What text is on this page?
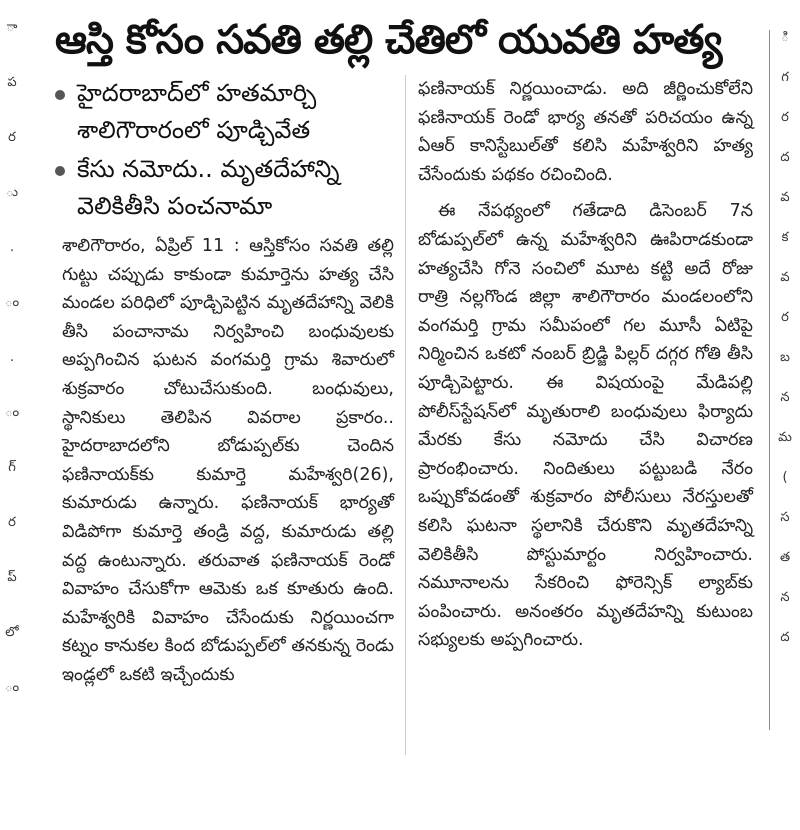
ా
ప
ర
ు
.
ం
.
ం
గ్
ర
ప్
లో
ం
ఆస్తి కోసం సవతి తల్లి చేతిలో యువతి హత్య
హైదరాబాద్‌లో హతమార్చి శాలిగౌరారంలో పూడ్చివేత
కేసు నమోదు.. మృతదేహాన్ని వెలికితీసి పంచనామా

శాలిగౌరారం, ఏప్రిల్ 11 : ఆస్తికోసం సవతి తల్లి గుట్టు చప్పుడు కాకుండా కుమార్తెను హత్య చేసి మండల పరిధిలో పూడ్చిపెట్టిన మృతదేహాన్ని వెలికి తీసి పంచానామ నిర్వహించి బంధువులకు అప్పగించిన ఘటన వంగమర్తి గ్రామ శివారులో శుక్రవారం చోటుచేసుకుంది. బంధువులు, స్థానికులు తెలిపిన వివరాల ప్రకారం.. హైదరాబాదలోని బోడుప్పల్‌కు చెందిన ఫణినాయక్‌కు కుమార్తె మహేశ్వరి(26), కుమారుడు ఉన్నారు. ఫణినాయక్ భార్యతో విడిపోగా కుమార్తె తండ్రి వద్ద, కుమారుడు తల్లి వద్ద ఉంటున్నారు. తరువాత ఫణినాయక్ రెండో వివాహం చేసుకోగా ఆమెకు ఒక కూతురు ఉంది. మహేశ్వరికి వివాహం చేసేందుకు నిర్ణయించగా కట్నం కానుకల కింద బోడుప్పల్‌లో తనకున్న రెండు ఇండ్లలో ఒకటి ఇచ్చేందుకు

ఫణినాయక్ నిర్ణయించాడు. అది జీర్ణించుకోలేని ఫణినాయక్ రెండో భార్య తనతో పరిచయం ఉన్న ఏఆర్ కానిస్టేబుల్‌తో కలిసి మహేశ్వరిని హత్య చేసేందుకు పథకం రచించింది.

ఈ నేపథ్యంలో గతేడాది డిసెంబర్ 7న బోడుప్పల్‌లో ఉన్న మహేశ్వరిని ఊపిరాడకుండా హత్యచేసి గోనె సంచిలో మూట కట్టి అదే రోజు రాత్రి నల్లగొండ జిల్లా శాలిగౌరారం మండలంలోని వంగమర్తి గ్రామ సమీపంలో గల మూసీ ఏటిపై నిర్మించిన ఒకటో నంబర్ బ్రిడ్జి పిల్లర్ దగ్గర గోతి తీసి పూడ్చిపెట్టారు. ఈ విషయంపై మేడిపల్లి పోలీస్‌స్టేషన్‌లో మృతురాలి బంధువులు ఫిర్యాదు మేరకు కేసు నమోదు చేసి విచారణ ప్రారంభించారు. నిందితులు పట్టుబడి నేరం ఒప్పుకోవడంతో శుక్రవారం పోలీసులు నేరస్తులతో కలిసి ఘటనా స్థలానికి చేరుకొని మృతదేహన్ని వెలికితీసి పోస్టుమార్టం నిర్వహించారు. నమూనాలను సేకరించి ఫోరెన్సిక్ ల్యాబ్‌కు పంపించారు. అనంతరం మృతదేహన్ని కుటుంబ సభ్యులకు అప్పగించారు.

ి
గ
ర
ద
వ
క
వ
ర
బ
న
మ
(
స
త
న
ద
